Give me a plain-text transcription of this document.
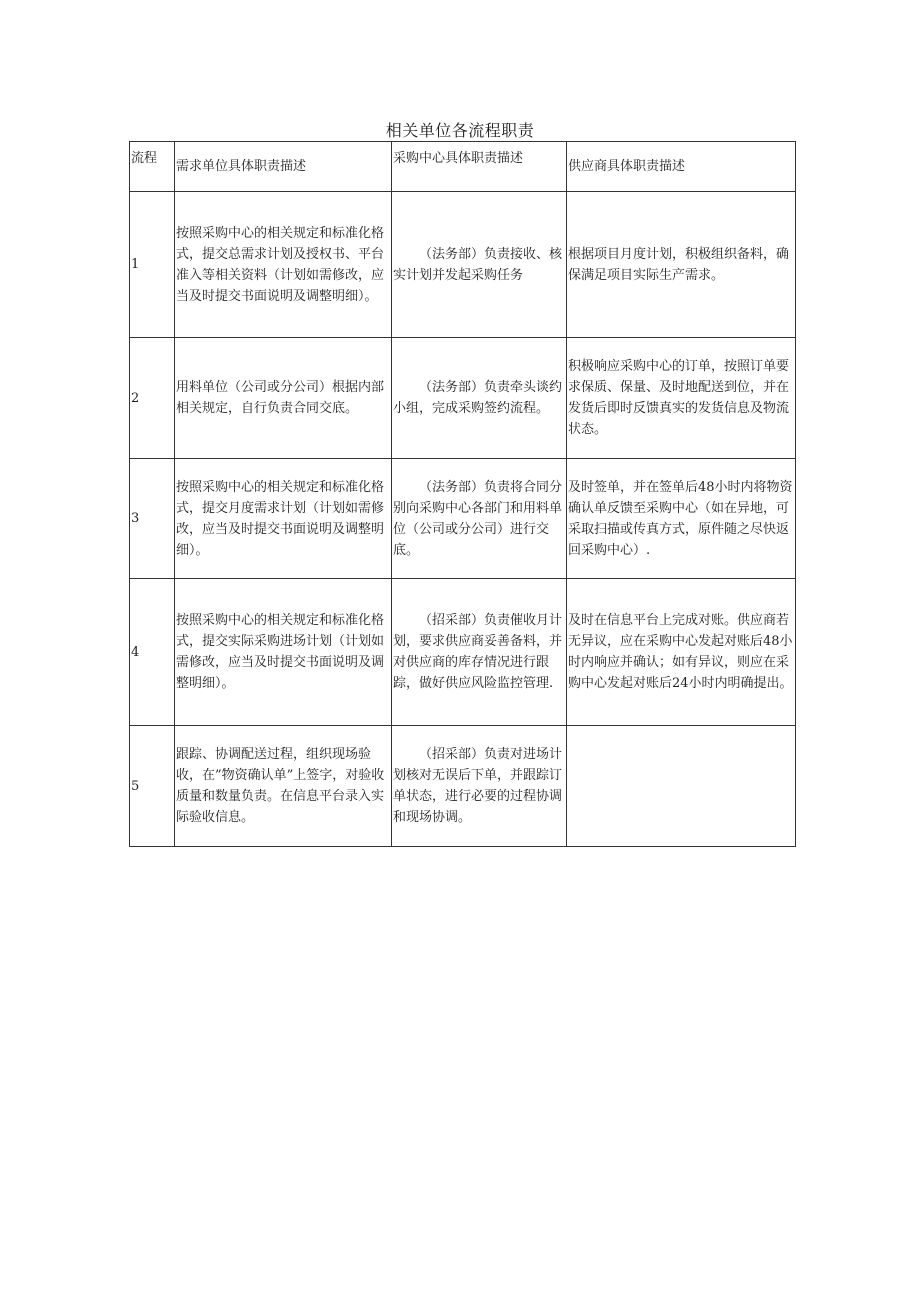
相关单位各流程职责
流程	需求单位具体职责描述	采购中心具体职责描述	供应商具体职责描述
1	按照采购中心的相关规定和标准化格式，提交总需求计划及授权书、平台准入等相关资料（计划如需修改，应当及时提交书面说明及调整明细）。	（法务部）负责接收、核实计划并发起采购任务	根据项目月度计划，积极组织备料，确保满足项目实际生产需求。
2	用料单位（公司或分公司）根据内部相关规定，自行负责合同交底。	（法务部）负责牵头谈约小组，完成采购签约流程。	积极响应采购中心的订单，按照订单要求保质、保量、及时地配送到位，并在发货后即时反馈真实的发货信息及物流状态。
3	按照采购中心的相关规定和标准化格式，提交月度需求计划（计划如需修改，应当及时提交书面说明及调整明细）。	（法务部）负责将合同分别向采购中心各部门和用料单位（公司或分公司）进行交底。	及时签单，并在签单后48小时内将物资确认单反馈至采购中心（如在异地，可采取扫描或传真方式，原件随之尽快返回采购中心）.
4	按照采购中心的相关规定和标准化格式，提交实际采购进场计划（计划如需修改，应当及时提交书面说明及调整明细）。	（招采部）负责催收月计划，要求供应商妥善备料，并对供应商的库存情况进行跟踪，做好供应风险监控管理.	及时在信息平台上完成对账。供应商若无异议，应在采购中心发起对账后48小时内响应并确认；如有异议，则应在采购中心发起对账后24小时内明确提出。
5	跟踪、协调配送过程，组织现场验收，在”物资确认单”上签字，对验收质量和数量负责。在信息平台录入实际验收信息。	（招采部）负责对进场计划核对无误后下单，并跟踪订单状态，进行必要的过程协调和现场协调。	
